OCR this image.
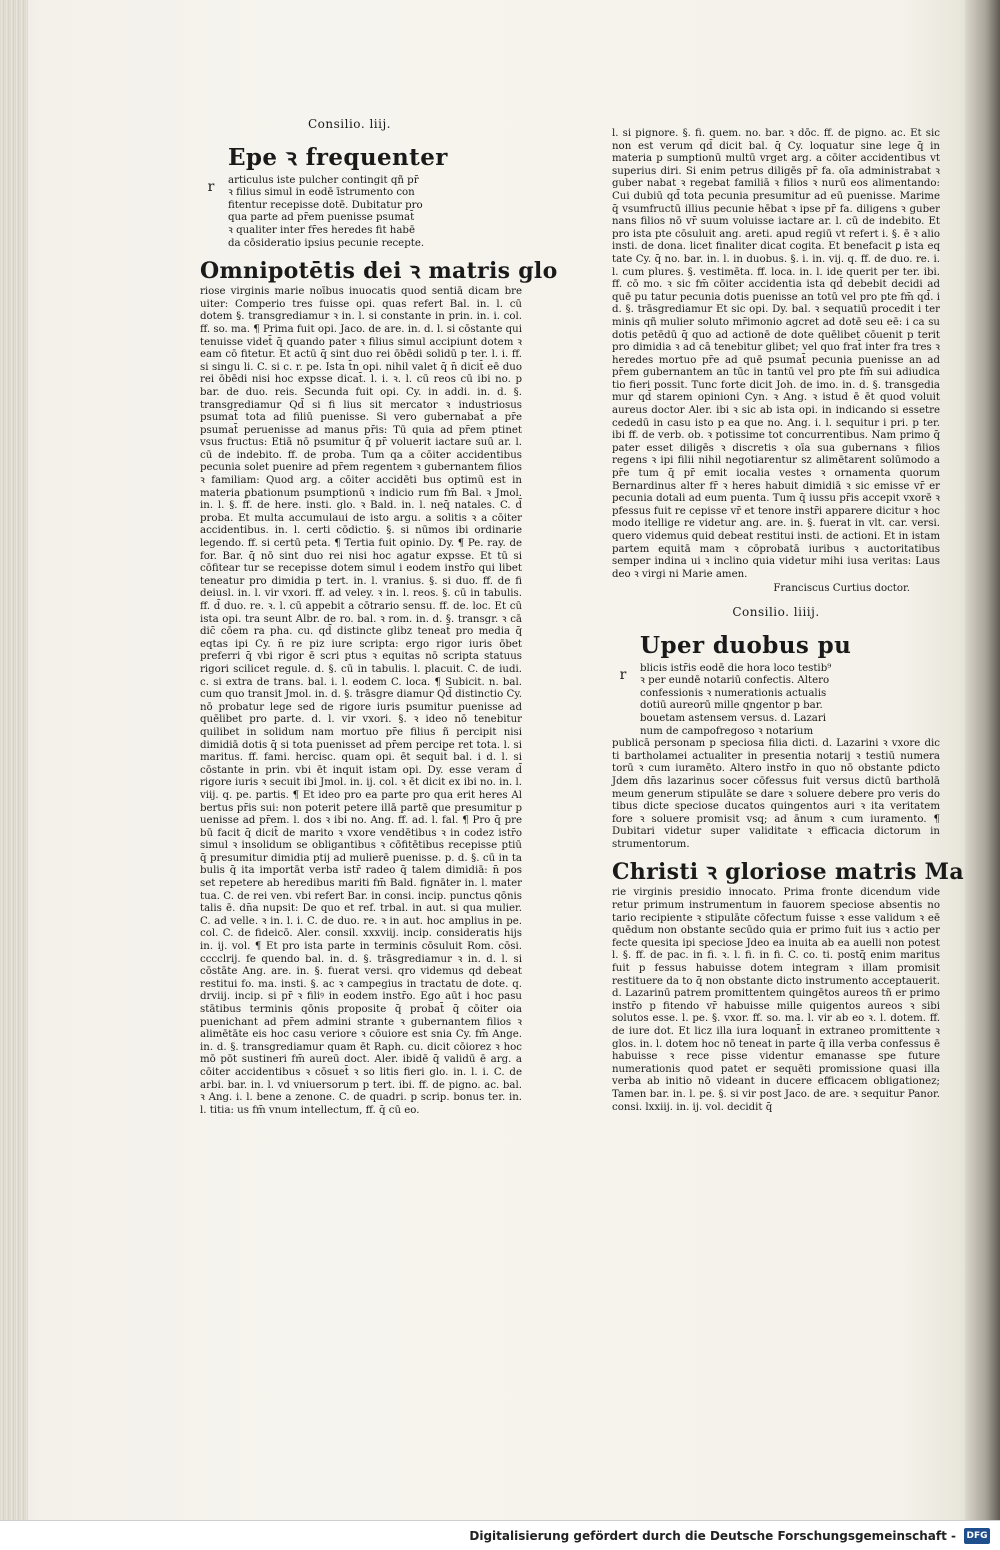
Consilio. liij.
r
Epe ꝛ frequenter

articulus iste pulcher contingit qñ pr̄

ꝛ filius simul in eodē īstrumento con

fitentur recepisse dotē. Dubitatur pro

qua parte ad pr̄em puenisse psumat̄

ꝛ qualiter inter fr̄es heredes fit habē

da cōsideratio ipsius pecunie recepte.

Omnipotētis dei ꝛ matris glo

riose virginis marie noībus inuocatis quod sentiā dicam bre uiter: Comperio tres fuisse opi. quas refert Bal. in. l. cū dotem §. transgrediamur ꝛ in. l. si constante in prin. in. i. col. ff. so. ma. ¶ Prima fuit opi. Jaco. de are. in. d. l. si cōstante qui tenuisse videt̄ q̄ quando pater ꝛ filius simul accipiunt dotem ꝛ eam cō fitetur. Et actū q̄ sint duo rei ōbēdi solidū p ter. l. i. ff. si singu li. C. si c. r. pe. Ista t̄n opi. nihil valet q̄ n̄ dicit̄ eē duo rei ōbēdi nisi hoc expsse dicat̄. l. i. ꝛ. l. cū reos cū ibi no. p bar. de duo. reis. Secunda fuit opi. Cy. in addi. in. d. §. transgrediamur Qd̄ si fi lius sit mercator ꝛ industriosus psumat̄ tota ad filiū puenisse. Si vero gubernabat̄ a pr̄e psumat̄ peruenisse ad manus pr̄is: Tū quia ad pr̄em ptinet vsus fructus: Etiā nō psumitur q̄ pr̄ voluerit iactare suū ar. l. cū de indebito. ff. de proba. Tum qa a cōiter accidentibus pecunia solet puenire ad pr̄em regentem ꝛ gubernantem filios ꝛ familiam: Quod arg. a cōiter accidēti bus optimū est in materia ꝑbationum psumptionū ꝛ indicio rum fm̄ Bal. ꝛ Jmol. in. l. §. ff. de here. insti. glo. ꝛ Bald. in. l. neq̄ natales. C. d̄ proba. Et multa accumulaui de isto argu. a solitis ꝛ a cōiter accidentibus. in. l. certi cōdictio. §. si nūmos ibi ordinarie legendo. ff. si certū peta. ¶ Tertia fuit opinio. Dy. ¶ Pe. ray. de for. Bar. q̄ nō sint duo rei nisi hoc agatur expsse. Et tū si cōfitear tur se recepisse dotem simul i eodem instr̄o qui libet teneatur pro dimidia p tert. in. l. vranius. §. si duo. ff. de fi deiusl. in. l. vir vxori. ff. ad veley. ꝛ in. l. reos. §. cū in tabulis. ff. d̄ duo. re. ꝛ. l. cū appebit a cōtrario sensu. ff. de. loc. Et cū ista opi. tra seunt Albr. de ro. bal. ꝛ rom. in. d. §. transgr. ꝛ cā dic̄ cōem ra pha. cu. qd̄ distincte glibz teneat̄ pro media q̄ eqtas ipi Cy. n̄ re piz iure scripta: ergo rigor iuris ōbet preferri q̄ vbi rigor ē scri ptus ꝛ equitas nō scripta statuus rigori scilicet regule. d. §. cū in tabulis. l. placuit. C. de iudi. c. si extra de trans. bal. i. l. eodem C. loca. ¶ Subicit. n. bal. cum quo transit Jmol. in. d. §. trāsgre diamur Qd̄ distinctio Cy. nō probatur lege sed de rigore iuris psumitur puenisse ad quēlibet pro parte. d. l. vir vxori. §. ꝛ ideo nō tenebitur quilibet in solidum nam mortuo pr̄e filius ñ percipit nisi dimidiā dotis q̄ si tota puenisset ad pr̄em percipe ret tota. l. si maritus. ff. fami. hercisc. quam opi. ēt sequit̄ bal. i d. l. si cōstante in prin. vbi ēt inquit istam opi. Dy. esse veram d̄ rigore iuris ꝛ secuit ibi Jmol. in. ij. col. ꝛ ēt dicit ex ibi no. in. l. viij. q. pe. partis. ¶ Et ideo pro ea parte pro qua erit heres Al bertus pr̄is sui: non poterit petere illā partē que presumitur p uenisse ad pr̄em. l. dos ꝛ ibi no. Ang. ff. ad. l. fal. ¶ Pro q̄ pre bū facit q̄ dicit̄ de marito ꝛ vxore vendētibus ꝛ in codez istr̄o simul ꝛ insolidum se obligantibus ꝛ cōfitētibus recepisse ptiū q̄ presumitur dimidia ptij ad mulierē puenisse. p. d. §. cū in ta bulis q̄ ita importāt verba istr̄ radeo q̄ talem dimidiā: n̄ pos set repetere ab heredibus mariti fm̄ Bald. fignāter in. l. mater tua. C. de rei ven. vbi refert Bar. in consi. incip. punctus qōnis talis ē. dn̄a nupsit: De quo et ref. trbal. in aut. si qua mulier. C. ad velle. ꝛ in. l. i. C. de duo. re. ꝛ in aut. hoc amplius in pe. col. C. de fideicō. Aler. consil. xxxviij. incip. consideratis hijs in. ij. vol. ¶ Et pro ista parte in terminis cōsuluit Rom. cōsi. cccclrij. fe quendo bal. in. d. §. trāsgrediamur ꝛ in. d. l. si cōstāte Ang. are. in. §. fuerat versi. qro videmus qd debeat restitui fo. ma. insti. §. ac ꝛ campegius in tractatu de dote. q. drviij. incip. si pr̄ ꝛ filiꝰ in eodem instr̄o. Ego aūt i hoc pasu stātibus terminis qōnis proposite q̄ probat̄ q̄ cōiter oia puenichant ad pr̄em admini strante ꝛ gubernantem filios ꝛ alimētāte eis hoc casu veriore ꝛ cōuiore est snia Cy. fm̄ Ange. in. d. §. transgrediamur quam ēt Raph. cu. dicit cōiorez ꝛ hoc mō pōt sustineri fm̄ aureū doct. Aler. ibidē q̄ validū ē arg. a cōiter accidentibus ꝛ cōsuet̄ ꝛ so litis fieri glo. in. l. i. C. de arbi. bar. in. l. vd vniuersorum p tert. ibi. ff. de pigno. ac. bal. ꝛ Ang. i. l. bene a zenone. C. de quadri. p scrip. bonus ter. in. l. titia: us fm̄ vnum intellectum, ff. q̄ cū eo.

l. si pignore. §. fi. quem. no. bar. ꝛ dōc. ff. de pigno. ac. Et sic non est verum qd̄ dicit bal. q̄ Cy. loquatur sine lege q̄ in materia p sumptionū multū vrget arg. a cōiter accidentibus vt superius diri. Si enim petrus diligēs pr̄ fa. oīa administrabat ꝛ guber nabat ꝛ regebat familiā ꝛ filios ꝛ nurū eos alimentando: Cui dubiū qd̄ tota pecunia presumitur ad eū puenisse. Marime q̄ vsumfructū illius pecunie hēbat ꝛ ipse pr̄ fa. diligens ꝛ guber nans filios nō vr̄ suum voluisse iactare ar. l. cū de indebito. Et pro ista pte cōsuluit ang. areti. apud regiū vt refert i. §. ē ꝛ alio insti. de dona. licet finaliter dicat cogita. Et benefacit ꝑ ista eq tate Cy. q̄ no. bar. in. l. in duobus. §. i. in. vij. q. ff. de duo. re. i. l. cum plures. §. vestimēta. ff. loca. in. l. ide querit per ter. ibi. ff. cō mo. ꝛ sic fm̄ cōiter accidentia ista qd̄ debebit decidi ad quē pu tatur pecunia dotis puenisse an totū vel pro pte fm̄ qd̄. i d. §. trāsgrediamur Et sic opi. Dy. bal. ꝛ sequatiū procedit i ter minis qñ mulier soluto mr̄imonio agcret ad dotē seu eē: i ca su dotis petēdū q̄ quo ad actionē de dote quēlibet cōuenit p terit pro dimidia ꝛ ad cā tenebitur glibet; vel quo frat̄ inter fra tres ꝛ heredes mortuo pr̄e ad quē psumat̄ pecunia puenisse an ad pr̄em gubernantem an tūc in tantū vel pro pte fm̄ sui adiudica tio fieri possit. Tunc forte dicit Joh. de imo. in. d. §. transgedia mur qd̄ starem opinioni Cyn. ꝛ Ang. ꝛ istud ē ēt quod voluit aureus doctor Aler. ibi ꝛ sic ab ista opi. in indicando si essetre cededū in casu isto p ea que no. Ang. i. l. sequitur i pri. p ter. ibi ff. de verb. ob. ꝛ potissime tot concurrentibus. Nam primo q̄ pater esset diligēs ꝛ discretis ꝛ oīa sua gubernans ꝛ filios regens ꝛ ipi filii nihil negotiarentur sz alimētarent solūmodo a pr̄e tum q̄ pr̄ emit iocalia vestes ꝛ ornamenta quorum Bernardinus alter fr̄ ꝛ heres habuit dimidiā ꝛ sic emisse vr̄ er pecunia dotali ad eum puenta. Tum q̄ iussu pr̄is accepit vxorē ꝛ pfessus fuit re cepisse vr̄ et tenore instr̄i apparere dicitur ꝛ hoc modo itellige re videtur ang. are. in. §. fuerat in vlt. car. versi. quero videmus quid debeat restitui insti. de actioni. Et in istam partem equitā mam ꝛ cōprobatā iuribus ꝛ auctoritatibus semper indina ui ꝛ inclino quia videtur mihi iusa veritas: Laus deo ꝛ virgi ni Marie amen.

Franciscus Curtius doctor.
Consilio. liiij.
r
Uper duobus pu

blicis istr̄is eodē die hora loco testib⁹

ꝛ per eundē notariū confectis. Altero

confessionis ꝛ numerationis actualis

dotiū aureorū mille qngentor p bar.

bouetam astensem versus. d. Lazari

num de campofregoso ꝛ notarium

publicā personam p speciosa filia dicti. d. Lazarini ꝛ vxore dic ti bartholamei actualiter in presentia notarij ꝛ testiū numera torū ꝛ cum iuramēto. Altero instr̄o in quo nō obstante pdicto Jdem dn̄s lazarinus socer cōfessus fuit versus dictū bartholā meum generum stipulāte se dare ꝛ soluere debere pro veris do tibus dicte speciose ducatos quingentos auri ꝛ ita veritatem fore ꝛ soluere promisit vsq; ad ānum ꝛ cum iuramento. ¶ Dubitari videtur super validitate ꝛ efficacia dictorum in strumentorum.

Christi ꝛ gloriose matris Ma

rie virginis presidio innocato. Prima fronte dicendum vide retur primum instrumentum in fauorem speciose absentis no tario recipiente ꝛ stipulāte cōfectum fuisse ꝛ esse validum ꝛ eē quēdum non obstante secūdo quia er primo fuit ius ꝛ actio per fecte quesita ipi speciose Jdeo ea inuita ab ea auelli non potest l. §. ff. de pac. in fi. ꝛ. l. fi. in fi. C. co. ti. postq̄ enim maritus fuit p fessus habuisse dotem integram ꝛ illam promisit restituere da to q̄ non obstante dicto instrumento acceptauerit. d. Lazarinū patrem promittentem quingētos aureos tñ er primo instr̄o p fitendo vr̄ habuisse mille quigentos aureos ꝛ sibi solutos esse. l. pe. §. vxor. ff. so. ma. l. vir ab eo ꝛ. l. dotem. ff. de iure dot. Et licz illa iura loquant̄ in extraneo promittente ꝛ glos. in. l. dotem hoc nō teneat in parte q̄ illa verba confessus ē habuisse ꝛ rece pisse videntur emanasse spe future numerationis quod patet er sequēti promissione quasi illa verba ab initio nō videant in ducere efficacem obligationez; Tamen bar. in. l. pe. §. si vir post Jaco. de are. ꝛ sequitur Panor. consi. lxxiij. in. ij. vol. decidit q̄

Digitalisierung gefördert durch die Deutsche Forschungsgemeinschaft - DFG
